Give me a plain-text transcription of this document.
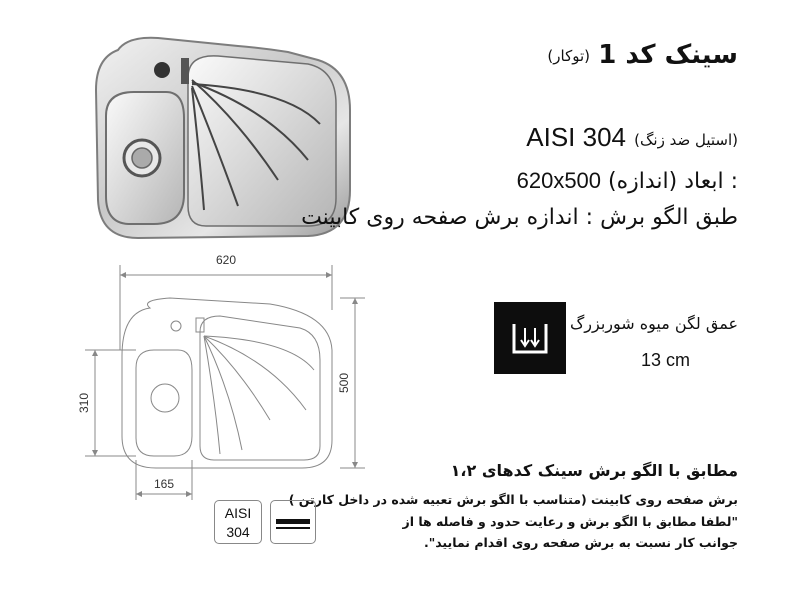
620
500
310
165
سینک کد 1
(توکار)
(استیل ضد زنگ)
AISI 304
: ابعاد (اندازه) 620x500
طبق الگو برش : اندازه برش صفحه روی کابینت
عمق لگن میوه شوربزرگ
13 cm
مطابق با الگو برش سینک کدهای ۱،۲
برش صفحه روی کابینت (متناسب با الگو برش تعبیه شده در داخل کارتن )
"لطفا مطابق با الگو برش و رعایت حدود و فاصله ها از
جوانب کار نسبت به برش صفحه روی اقدام نمایید".
AISI
304
